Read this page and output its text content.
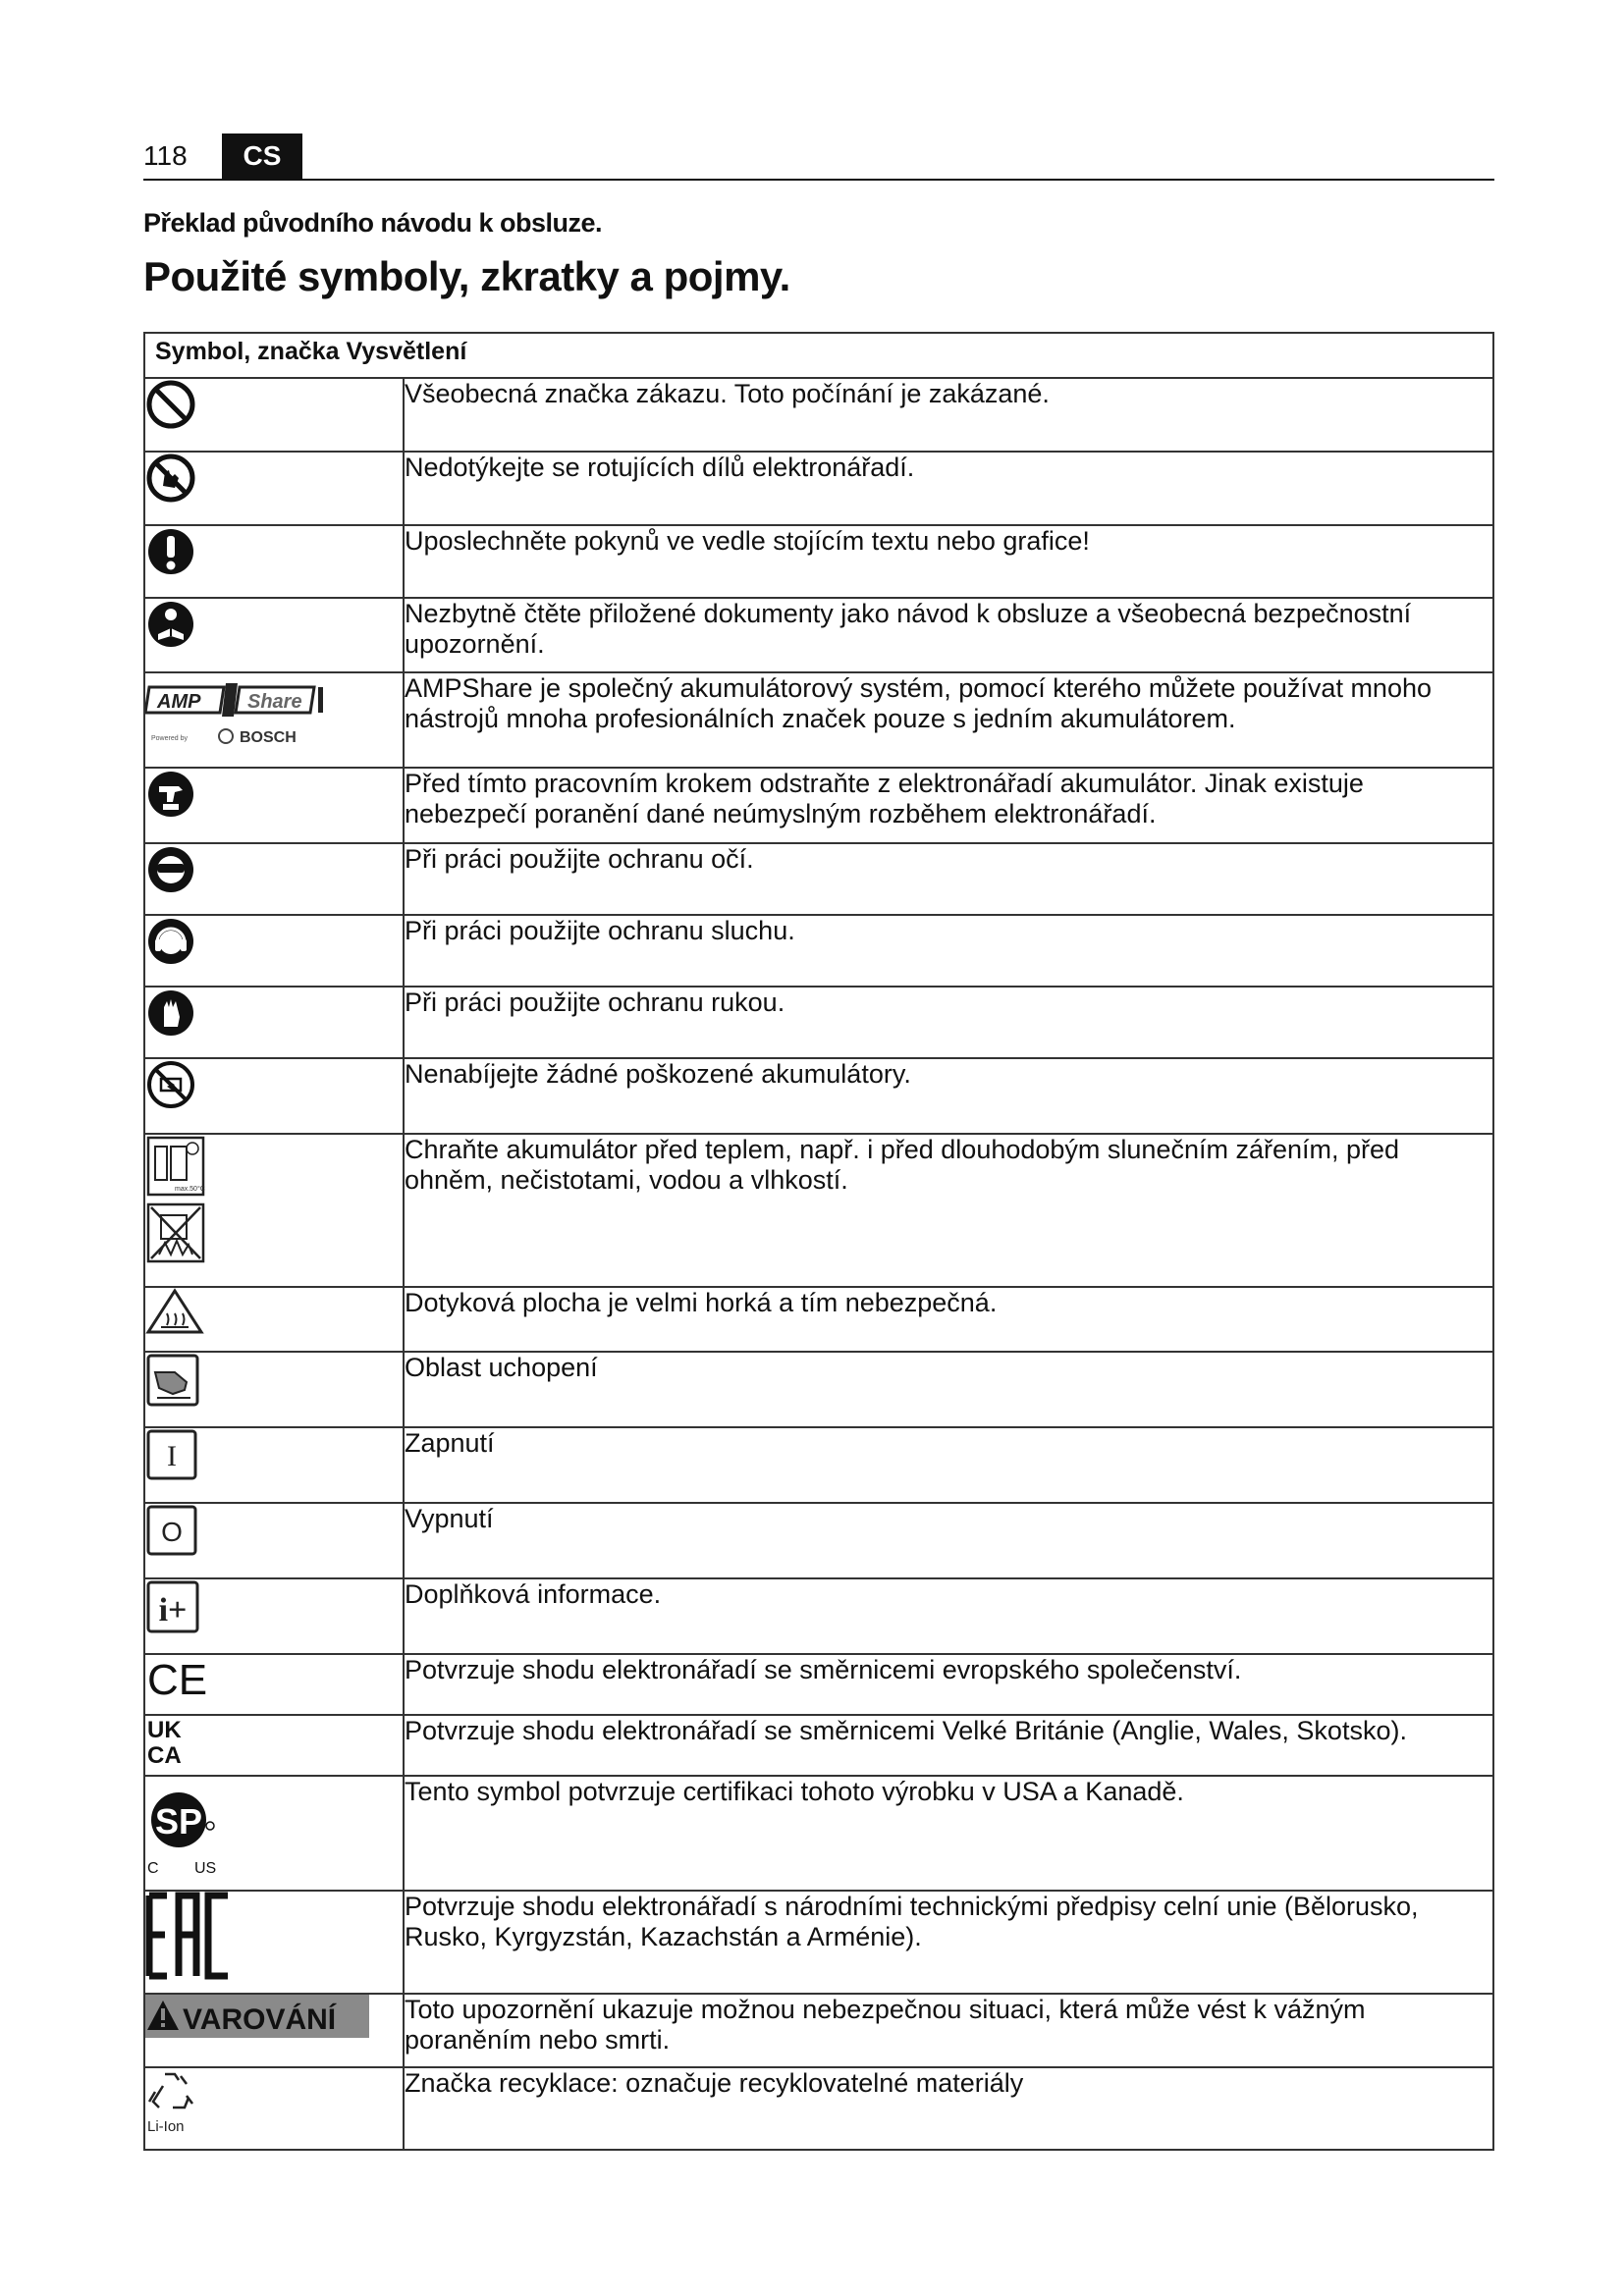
118	CS
Překlad původního návodu k obsluze.
Použité symboly, zkratky a pojmy.
Symbol, značka Vysvětlení	

	Všeobecná značka zákazu. Toto počínání je zakázané.

	Nedotýkejte se rotujících dílů elektronářadí.

	Uposlechněte pokynů ve vedle stojícím textu nebo grafice!

	Nezbytně čtěte přiložené dokumenty jako návod k obsluze a všeobecná bezpečnostní upozornění.

AMP Share
Powered by BOSCH	AMPShare je společný akumulátorový systém, pomocí kterého můžete používat mnoho nástrojů mnoha profesionálních značek pouze s jedním akumulátorem.

	Před tímto pracovním krokem odstraňte z elektronářadí akumulátor. Jinak existuje nebezpečí poranění dané neúmyslným rozběhem elektronářadí.

	Při práci použijte ochranu očí.

	Při práci použijte ochranu sluchu.

	Při práci použijte ochranu rukou.

	Nenabíjejte žádné poškozené akumulátory.

max.50°C	Chraňte akumulátor před teplem, např. i před dlouhodobým slunečním zářením, před ohněm, nečistotami, vodou a vlhkostí.

	Dotyková plocha je velmi horká a tím nebezpečná.

	Oblast uchopení

I	Zapnutí

O	Vypnutí

i+	Doplňková informace.

CE	Potvrzuje shodu elektronářadí se směrnicemi evropského společenství.

UK
CA	Potvrzuje shodu elektronářadí se směrnicemi Velké Británie (Anglie, Wales, Skotsko).

SP
C US	Tento symbol potvrzuje certifikaci tohoto výrobku v USA a Kanadě.

	Potvrzuje shodu elektronářadí s národními technickými předpisy celní unie (Bělorusko, Rusko, Kyrgyzstán, Kazachstán a Arménie).

VAROVÁNÍ	Toto upozornění ukazuje možnou nebezpečnou situaci, která může vést k vážným poraněním nebo smrti.

Li-Ion	Značka recyklace: označuje recyklovatelné materiály
